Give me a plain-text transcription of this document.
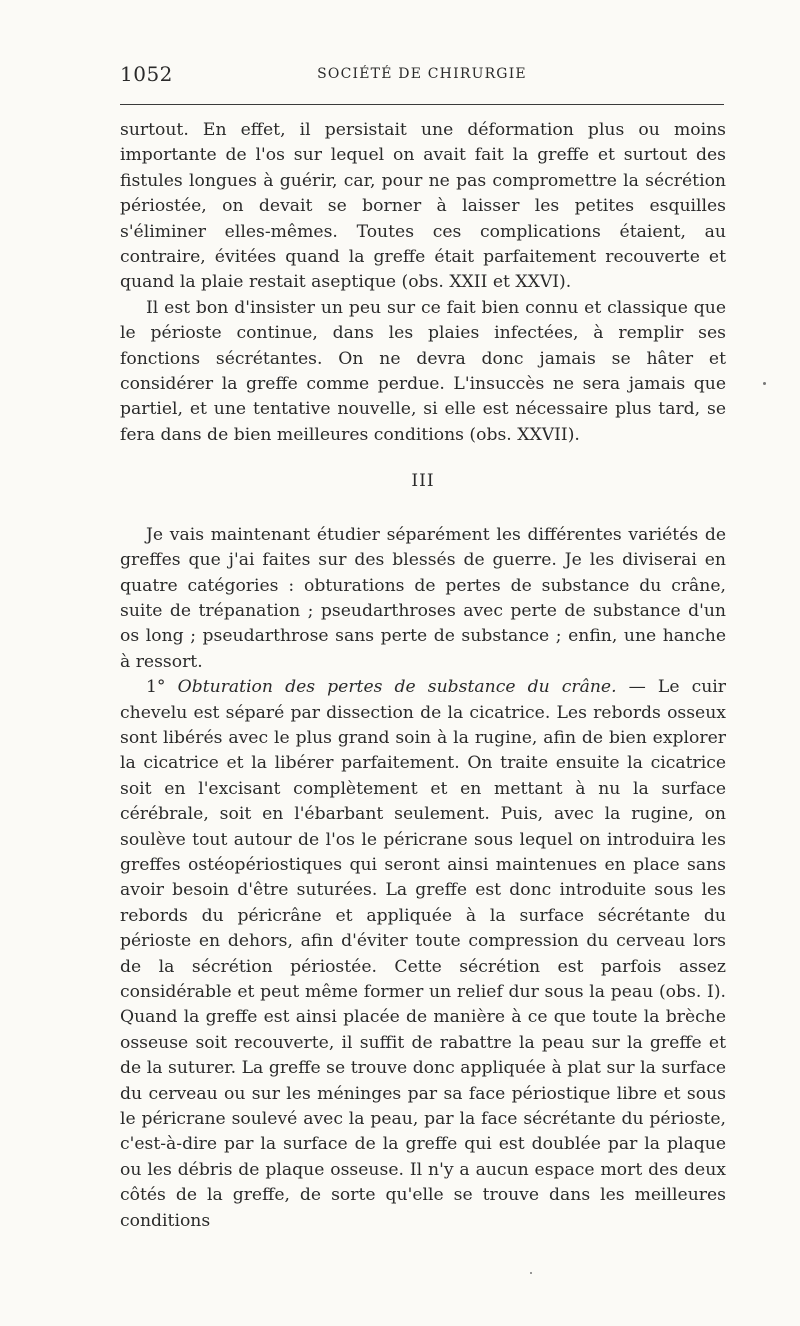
1052	SOCIÉTÉ DE CHIRURGIE

surtout. En effet, il persistait une déformation plus ou moins importante de l'os sur lequel on avait fait la greffe et surtout des fistules longues à guérir, car, pour ne pas compromettre la sécrétion périostée, on devait se borner à laisser les petites esquilles s'éliminer elles-mêmes. Toutes ces complications étaient, au contraire, évitées quand la greffe était parfaitement recouverte et quand la plaie restait aseptique (obs. XXII et XXVI).

Il est bon d'insister un peu sur ce fait bien connu et classique que le périoste continue, dans les plaies infectées, à remplir ses fonctions sécrétantes. On ne devra donc jamais se hâter et considérer la greffe comme perdue. L'insuccès ne sera jamais que partiel, et une tentative nouvelle, si elle est nécessaire plus tard, se fera dans de bien meilleures conditions (obs. XXVII).

III

Je vais maintenant étudier séparément les différentes variétés de greffes que j'ai faites sur des blessés de guerre. Je les diviserai en quatre catégories : obturations de pertes de substance du crâne, suite de trépanation ; pseudarthroses avec perte de substance d'un os long ; pseudarthrose sans perte de substance ; enfin, une hanche à ressort.

1° Obturation des pertes de substance du crâne. — Le cuir chevelu est séparé par dissection de la cicatrice. Les rebords osseux sont libérés avec le plus grand soin à la rugine, afin de bien explorer la cicatrice et la libérer parfaitement. On traite ensuite la cicatrice soit en l'excisant complètement et en mettant à nu la surface cérébrale, soit en l'ébarbant seulement. Puis, avec la rugine, on soulève tout autour de l'os le péricrane sous lequel on introduira les greffes ostéopériostiques qui seront ainsi maintenues en place sans avoir besoin d'être suturées. La greffe est donc introduite sous les rebords du péricrâne et appliquée à la surface sécrétante du périoste en dehors, afin d'éviter toute compression du cerveau lors de la sécrétion périostée. Cette sécrétion est parfois assez considérable et peut même former un relief dur sous la peau (obs. I). Quand la greffe est ainsi placée de manière à ce que toute la brèche osseuse soit recouverte, il suffit de rabattre la peau sur la greffe et de la suturer. La greffe se trouve donc appliquée à plat sur la surface du cerveau ou sur les méninges par sa face périostique libre et sous le péricrane soulevé avec la peau, par la face sécrétante du périoste, c'est-à-dire par la surface de la greffe qui est doublée par la plaque ou les débris de plaque osseuse. Il n'y a aucun espace mort des deux côtés de la greffe, de sorte qu'elle se trouve dans les meilleures conditions
